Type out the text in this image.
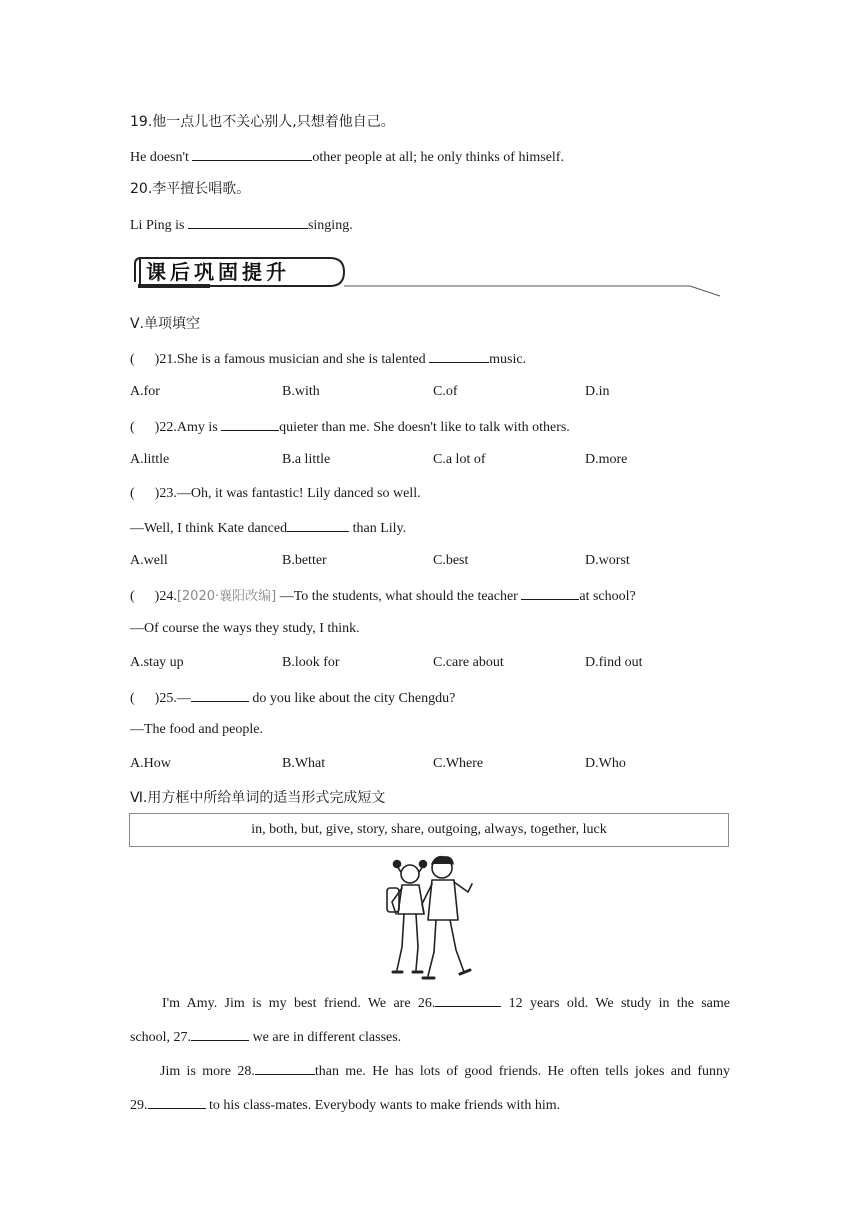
19.他一点儿也不关心别人,只想着他自己。
He doesn't	other people at all; he only thinks of himself.
20.李平擅长唱歌。
Li Ping is	singing.
课后巩固提升
Ⅴ.单项填空
( )21.She is a famous musician and she is talented	music.
A.for	B.with	C.of	D.in
( )22.Amy is	quieter than me. She doesn't like to talk with others.
A.little	B.a little	C.a lot of	D.more
( )23.—Oh, it was fantastic! Lily danced so well.
—Well, I think Kate danced	than Lily.
A.well	B.better	C.best	D.worst
( )24.[2020·襄阳改编] —To the students, what should the teacher	at school?
—Of course the ways they study, I think.
A.stay up	B.look for	C.care about	D.find out
( )25.—	do you like about the city Chengdu?
—The food and people.
A.How	B.What	C.Where	D.Who
Ⅵ.用方框中所给单词的适当形式完成短文
in, both, but, give, story, share, outgoing, always, together, luck
I'm Amy. Jim is my best friend. We are 26.	12 years old. We study in the same
school, 27.	we are in different classes.
Jim is more 28.	than me. He has lots of good friends. He often tells jokes and funny
29.	to his class-mates. Everybody wants to make friends with him.
